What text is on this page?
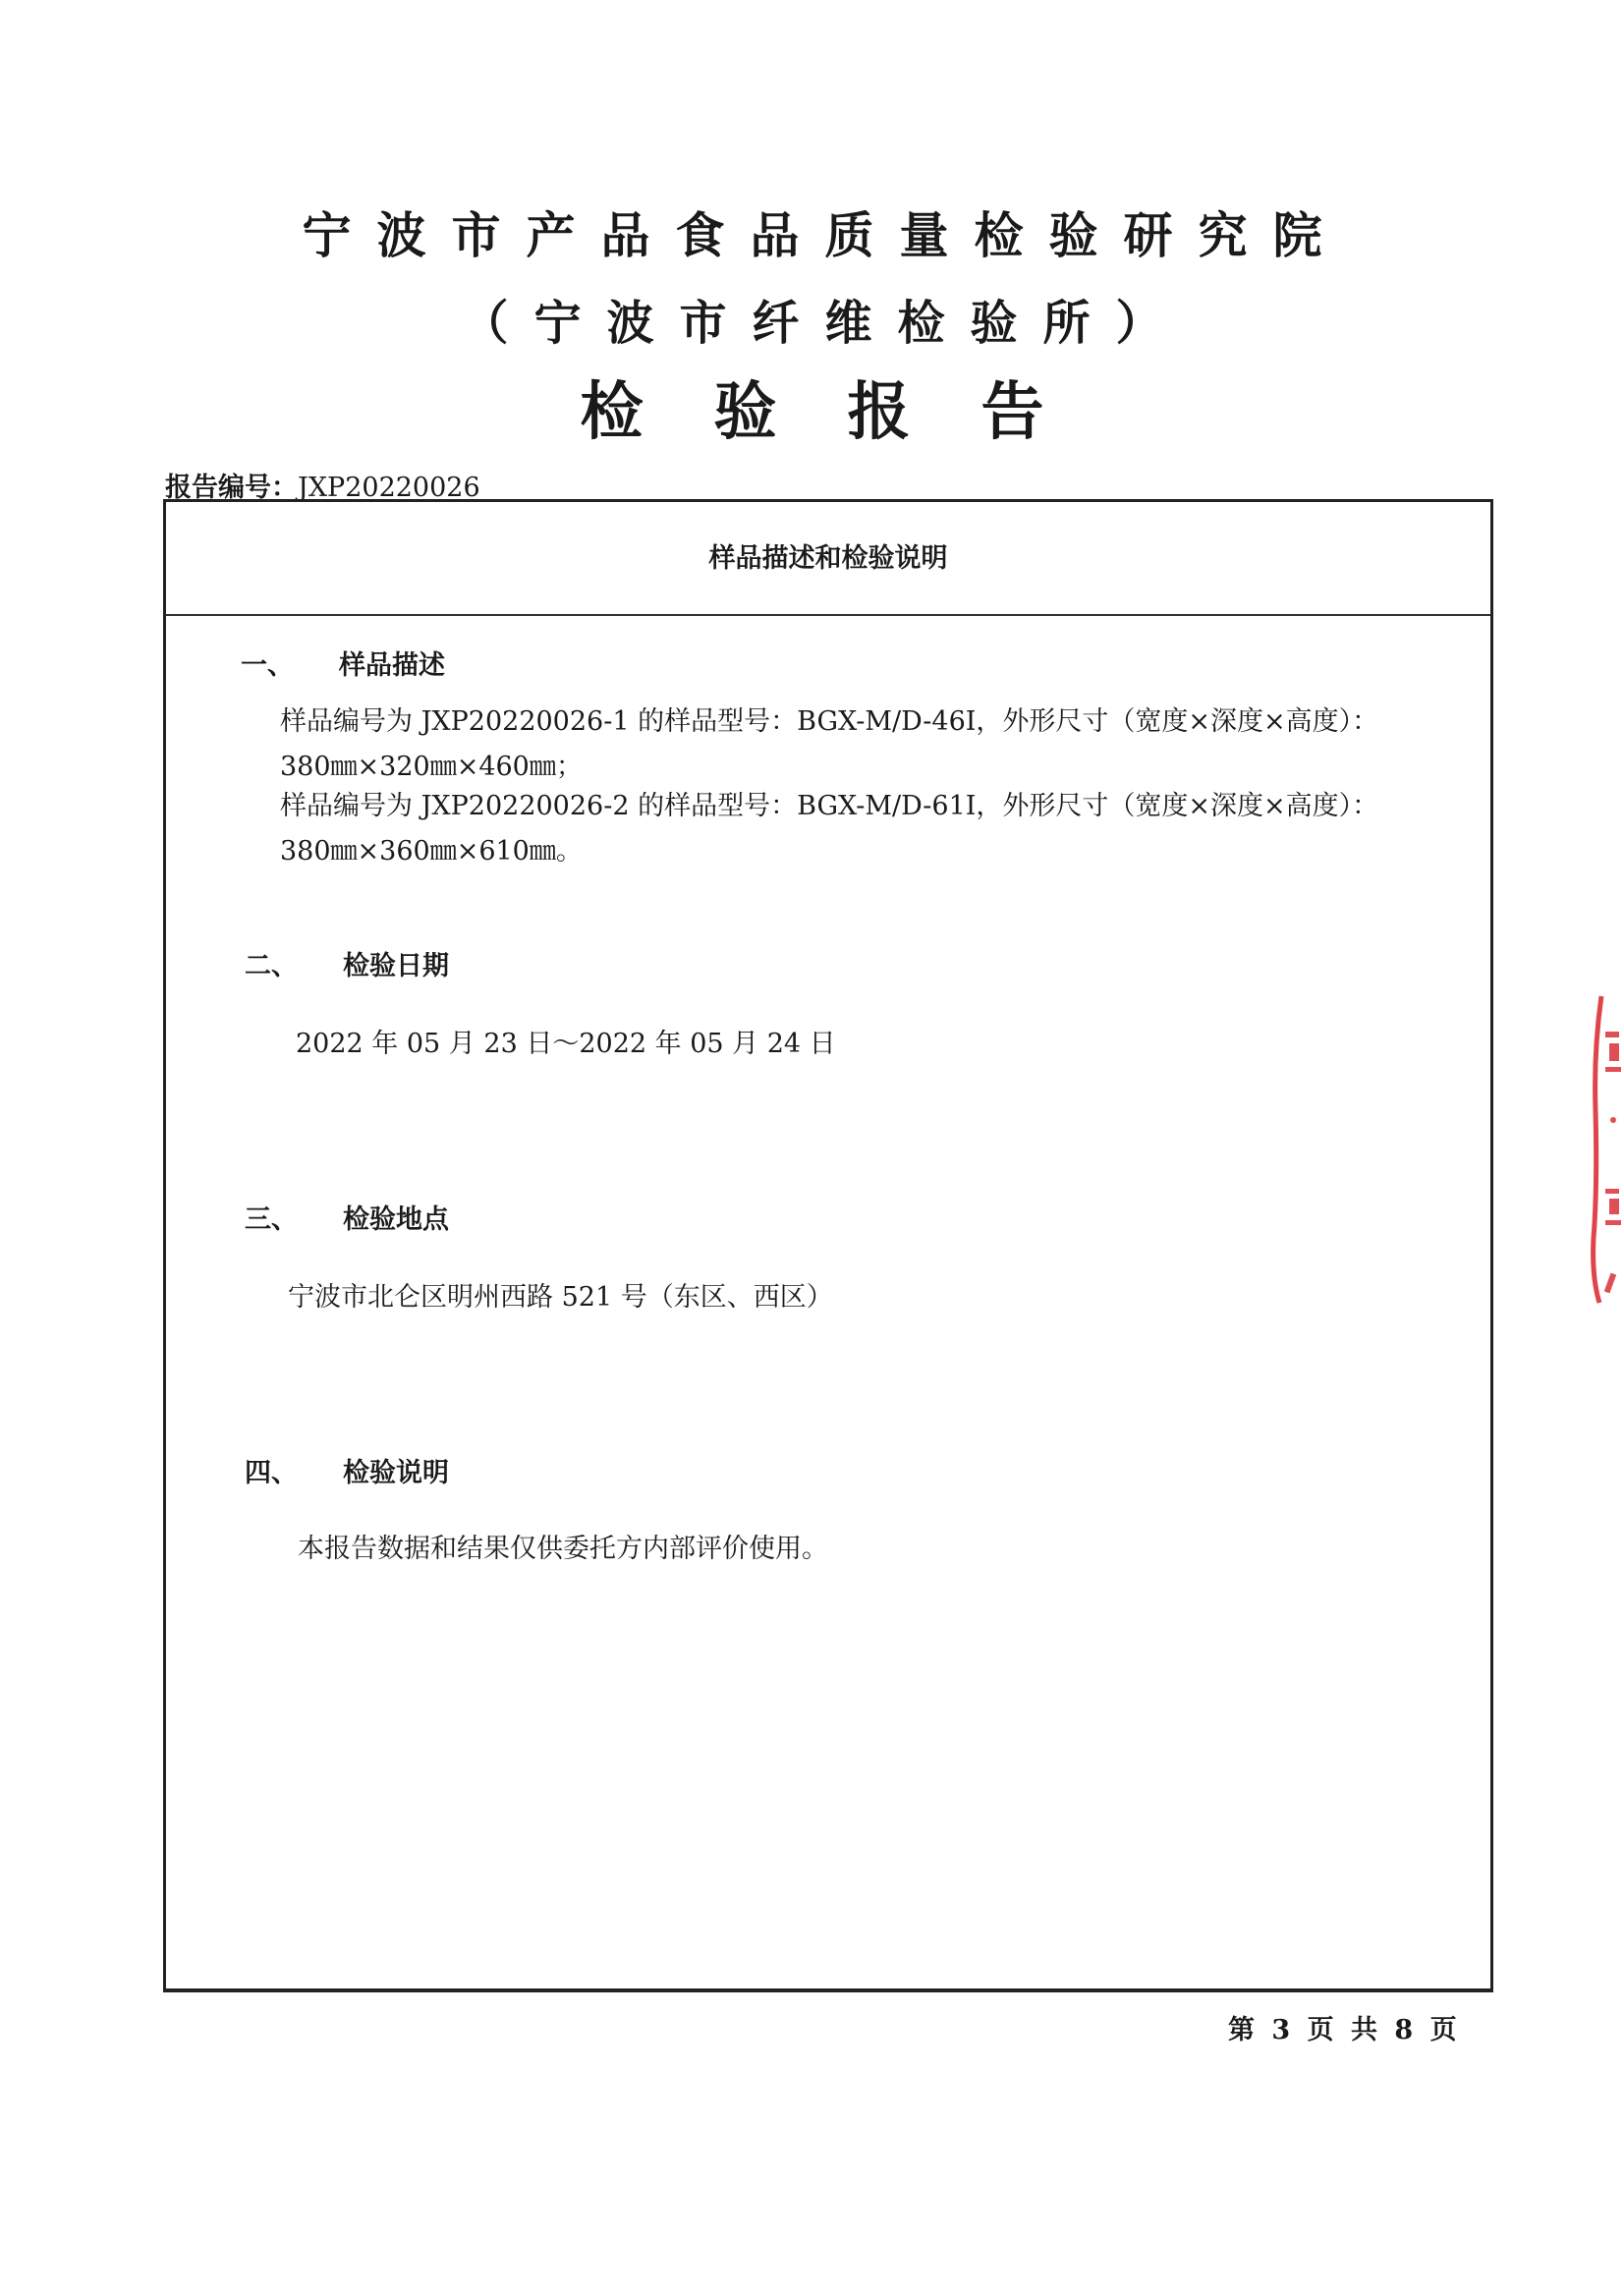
宁波市产品食品质量检验研究院
（宁波市纤维检验所）
检验报告
报告编号：JXP20220026
样品描述和检验说明
一、 样品描述
样品编号为 JXP20220026-1 的样品型号：BGX-M/D-46I，外形尺寸（宽度×深度×高度）：
380㎜×320㎜×460㎜；
样品编号为 JXP20220026-2 的样品型号：BGX-M/D-61I，外形尺寸（宽度×深度×高度）：
380㎜×360㎜×610㎜。
二、 检验日期
2022 年 05 月 23 日～2022 年 05 月 24 日
三、 检验地点
宁波市北仑区明州西路 521 号（东区、西区）
四、 检验说明
本报告数据和结果仅供委托方内部评价使用。
第 3 页 共 8 页
